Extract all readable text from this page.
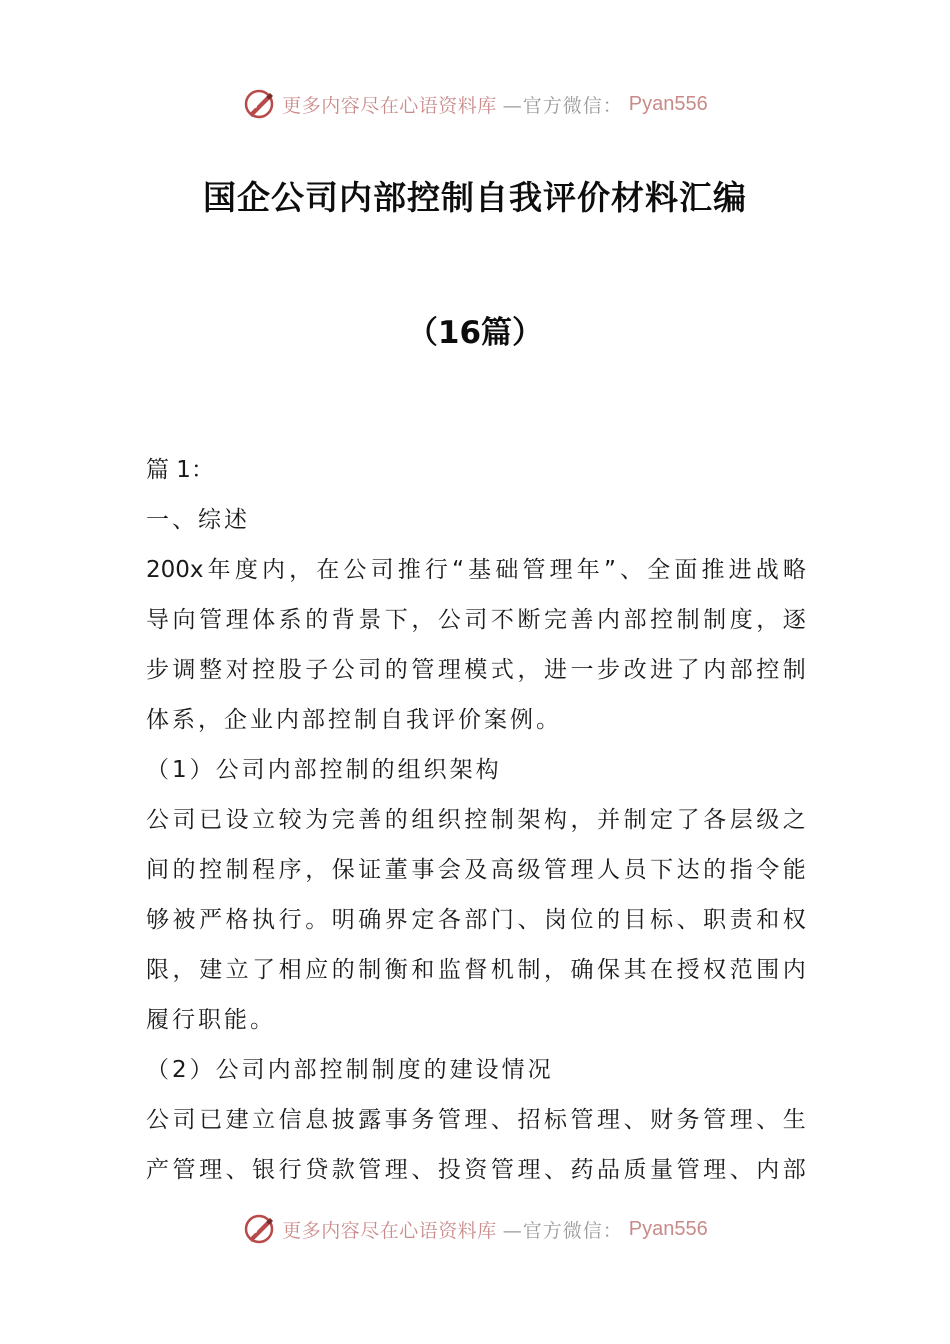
更多内容尽在心语资料库 —官方微信： Pyan556
国企公司内部控制自我评价材料汇编
（16篇）
篇 1：
一、综述
200x 年 度 内 ， 在 公 司 推 行 “ 基 础 管 理 年 ” 、 全 面 推 进 战 略
导 向 管 理 体 系 的 背 景 下 ， 公 司 不 断 完 善 内 部 控 制 制 度 ， 逐
步 调 整 对 控 股 子 公 司 的 管 理 模 式 ， 进 一 步 改 进 了 内 部 控 制
体系，企业内部控制自我评价案例。
（1）公司内部控制的组织架构
公 司 已 设 立 较 为 完 善 的 组 织 控 制 架 构 ， 并 制 定 了 各 层 级 之
间 的 控 制 程 序 ， 保 证 董 事 会 及 高 级 管 理 人 员 下 达 的 指 令 能
够 被 严 格 执 行 。 明 确 界 定 各 部 门 、 岗 位 的 目 标 、 职 责 和 权
限 ， 建 立 了 相 应 的 制 衡 和 监 督 机 制 ， 确 保 其 在 授 权 范 围 内
履行职能。
（2）公司内部控制制度的建设情况
公 司 已 建 立 信 息 披 露 事 务 管 理 、 招 标 管 理 、 财 务 管 理 、 生
产 管 理 、 银 行 贷 款 管 理 、 投 资 管 理 、 药 品 质 量 管 理 、 内 部
更多内容尽在心语资料库 —官方微信： Pyan556
